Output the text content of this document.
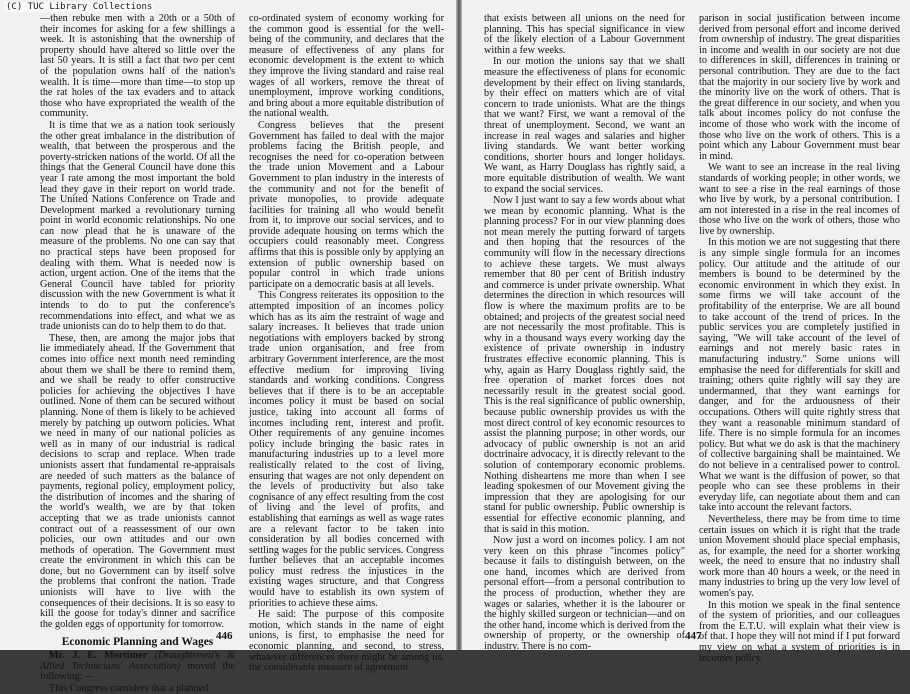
(C) TUC Library Collections

—then rebuke men with a 20th or a 50th of their incomes for asking for a few shillings a week. It is astonishing that the ownership of property should have altered so little over the last 50 years. It is still a fact that two per cent of the population owns half of the nation's wealth. It is time—more than time—to stop up the rat holes of the tax evaders and to attack those who have expropriated the wealth of the community.

It is time that we as a nation took seriously the other great imbalance in the distribution of wealth, that between the prosperous and the poverty-stricken nations of the world. Of all the things that the General Council have done this year I rate among the most important the bold lead they gave in their report on world trade. The United Nations Conference on Trade and Development marked a revolutionary turning point in world economic relationships. No one can now plead that he is unaware of the measure of the problems. No one can say that no practical steps have been proposed for dealing with them. What is needed now is action, urgent action. One of the items that the General Council have tabled for priority discussion with the new Government is what it intends to do to put the conference's recommendations into effect, and what we as trade unionists can do to help them to do that.

These, then, are among the major jobs that lie immediately ahead. If the Government that comes into office next month need reminding about them we shall be there to remind them, and we shall be ready to offer constructive policies for achieving the objectives I have outlined. None of them can be secured without planning. None of them is likely to be achieved merely by patching up outworn policies. What we need in many of our national policies as well as in many of our industrial is radical decisions to scrap and replace. When trade unionists assert that fundamental re-appraisals are needed of such matters as the balance of payments, regional policy, employment policy, the distribution of incomes and the sharing of the world's wealth, we are by that token accepting that we as trade unionists cannot contract out of a reassessment of our own policies, our own attitudes and our own methods of operation. The Government must create the environment in which this can be done, but no Government can by itself solve the problems that confront the nation. Trade unionists will have to live with the consequences of their decisions. It is so easy to kill the goose for today's dinner and sacrifice the golden eggs of opportunity for tomorrow.

Economic Planning and Wages

Mr. J. E. Mortimer (Draughtsmen's & Allied Technicians' Association) moved the following:—

This Congress considers that a planned

co-ordinated system of economy working for the common good is essential for the well-being of the community, and declares that the measure of effectiveness of any plans for economic development is the extent to which they improve the living standard and raise real wages of all workers, remove the threat of unemployment, improve working conditions, and bring about a more equitable distribution of the national wealth.

Congress believes that the present Government has failed to deal with the major problems facing the British people, and recognises the need for co-operation between the trade union Movement and a Labour Government to plan industry in the interests of the community and not for the benefit of private monopolies, to provide adequate facilities for training all who would benefit from it, to improve our social services, and to provide adequate housing on terms which the occupiers could reasonably meet. Congress affirms that this is possible only by applying an extension of public ownership based on popular control in which trade unions participate on a democratic basis at all levels.

This Congress reiterates its opposition to the attempted imposition of an incomes policy which has as its aim the restraint of wage and salary increases. It believes that trade union negotiations with employers backed by strong trade union organisation, and free from arbitrary Government interference, are the most effective medium for improving living standards and working conditions. Congress believes that if there is to be an acceptable incomes policy it must be based on social justice, taking into account all forms of incomes including rent, interest and profit. Other requirements of any genuine incomes policy include bringing the basic rates in manufacturing industries up to a level more realistically related to the cost of living, ensuring that wages are not only dependent on the levels of productivity but also take cognisance of any effect resulting from the cost of living and the level of profits, and establishing that earnings as well as wage rates are a relevant factor to be taken into consideration by all bodies concerned with settling wages for the public services. Congress further believes that an acceptable incomes policy must redress the injustices in the existing wages structure, and that Congress would have to establish its own system of priorities to achieve these aims.

He said: The purpose of this composite motion, which stands in the name of eight unions, is first, to emphasise the need for economic planning, and second, to stress, whatever differences there might be among us, the considerable measure of agreement

446

that exists between all unions on the need for planning. This has special significance in view of the likely election of a Labour Government within a few weeks.

In our motion the unions say that we shall measure the effectiveness of plans for economic development by their effect on living standards, by their effect on matters which are of vital concern to trade unionists. What are the things that we want? First, we want a removal of the threat of unemployment. Second, we want an increase in real wages and salaries and higher living standards. We want better working conditions, shorter hours and longer holidays. We want, as Harry Douglass has rightly said, a more equitable distribution of wealth. We want to expand the social services.

Now I just want to say a few words about what we mean by economic planning. What is the planning process? For in our view planning does not mean merely the putting forward of targets and then hoping that the resources of the community will flow in the necessary directions to achieve these targets. We must always remember that 80 per cent of British industry and commerce is under private ownership. What determines the direction in which resources will flow is where the maximum profits are to be obtained; and projects of the greatest social need are not necessarily the most profitable. This is why in a thousand ways every working day the existence of private ownership in industry frustrates effective economic planning. This is why, again as Harry Douglass rightly said, the free operation of market forces does not necessarily result in the greatest social good. This is the real significance of public ownership, because public ownership provides us with the most direct control of key economic resources to assist the planning purpose; in other words, our advocacy of public ownership is not an arid doctrinaire advocacy, it is directly relevant to the solution of contemporary economic problems. Nothing disheartens me more than when I see leading spokesmen of our Movement giving the impression that they are apologising for our stand for public ownership. Public ownership is essential for effective economic planning, and that is said in this motion.

Now just a word on incomes policy. I am not very keen on this phrase "incomes policy" because it fails to distinguish between, on the one hand, incomes which are derived from personal effort—from a personal contribution to the process of production, whether they are wages or salaries, whether it is the labourer or the highly skilled surgeon or technician—and on the other hand, income which is derived from the ownership of property, or the ownership of industry. There is no com-

parison in social justification between income derived from personal effort and income derived from ownership of industry. The great disparities in income and wealth in our society are not due to differences in skill, differences in training or personal contribution. They are due to the fact that the majority in our society live by work and the minority live on the work of others. That is the great difference in our society, and when you talk about incomes policy do not confuse the income of those who work with the income of those who live on the work of others. This is a point which any Labour Government must bear in mind.

We want to see an increase in the real living standards of working people; in other words, we want to see a rise in the real earnings of those who live by work, by a personal contribution. I am not interested in a rise in the real incomes of those who live on the work of others, those who live by ownership.

In this motion we are not suggesting that there is any simple single formula for an incomes policy. Our attitude and the attitude of our members is bound to be determined by the economic environment in which they exist. In some firms we will take account of the profitability of the enterprise. We are all bound to take account of the trend of prices. In the public services you are completely justified in saying, "We will take account of the level of earnings and not merely basic rates in manufacturing industry." Some unions will emphasise the need for differentials for skill and training; others quite rightly will say they are undermanned, that they want earnings for danger, and for the arduousness of their occupations. Others will quite rightly stress that they want a reasonable minimum standard of life. There is no simple formula for an incomes policy. But what we do ask is that the machinery of collective bargaining shall be maintained. We do not believe in a centralised power to control. What we want is the diffusion of power, so that people who can see these problems in their everyday life, can negotiate about them and can take into account the relevant factors.

Nevertheless, there may be from time to time certain issues on which it is right that the trade union Movement should place special emphasis, as, for example, the need for a shorter working week, the need to ensure that no industry shall work more than 40 hours a week, or the need in many industries to bring up the very low level of women's pay.

In this motion we speak in the final sentence of the system of priorities, and our colleagues from the E.T.U. will explain what their view is of that. I hope they will not mind if I put forward my view on what a system of priorities is in incomes policy.

447
